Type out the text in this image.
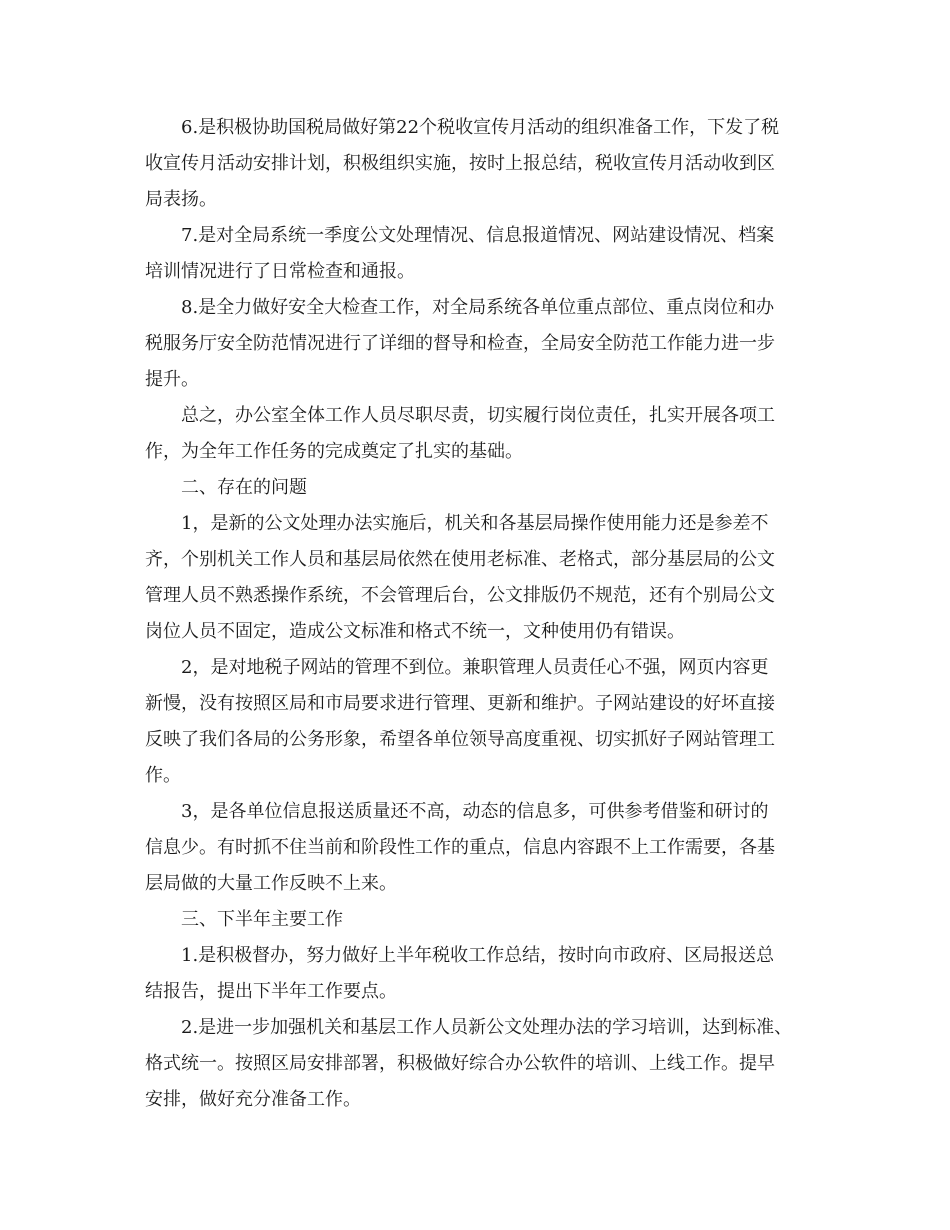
6.是积极协助国税局做好第22个税收宣传月活动的组织准备工作，下发了税
收宣传月活动安排计划，积极组织实施，按时上报总结，税收宣传月活动收到区
局表扬。
7.是对全局系统一季度公文处理情况、信息报道情况、网站建设情况、档案
培训情况进行了日常检查和通报。
8.是全力做好安全大检查工作，对全局系统各单位重点部位、重点岗位和办
税服务厅安全防范情况进行了详细的督导和检查，全局安全防范工作能力进一步
提升。
总之，办公室全体工作人员尽职尽责，切实履行岗位责任，扎实开展各项工
作，为全年工作任务的完成奠定了扎实的基础。
二、存在的问题
1，是新的公文处理办法实施后，机关和各基层局操作使用能力还是参差不
齐，个别机关工作人员和基层局依然在使用老标准、老格式，部分基层局的公文
管理人员不熟悉操作系统，不会管理后台，公文排版仍不规范，还有个别局公文
岗位人员不固定，造成公文标准和格式不统一，文种使用仍有错误。
2，是对地税子网站的管理不到位。兼职管理人员责任心不强，网页内容更
新慢，没有按照区局和市局要求进行管理、更新和维护。子网站建设的好坏直接
反映了我们各局的公务形象，希望各单位领导高度重视、切实抓好子网站管理工
作。
3，是各单位信息报送质量还不高，动态的信息多，可供参考借鉴和研讨的
信息少。有时抓不住当前和阶段性工作的重点，信息内容跟不上工作需要，各基
层局做的大量工作反映不上来。
三、下半年主要工作
1.是积极督办，努力做好上半年税收工作总结，按时向市政府、区局报送总
结报告，提出下半年工作要点。
2.是进一步加强机关和基层工作人员新公文处理办法的学习培训，达到标准、
格式统一。按照区局安排部署，积极做好综合办公软件的培训、上线工作。提早
安排，做好充分准备工作。
